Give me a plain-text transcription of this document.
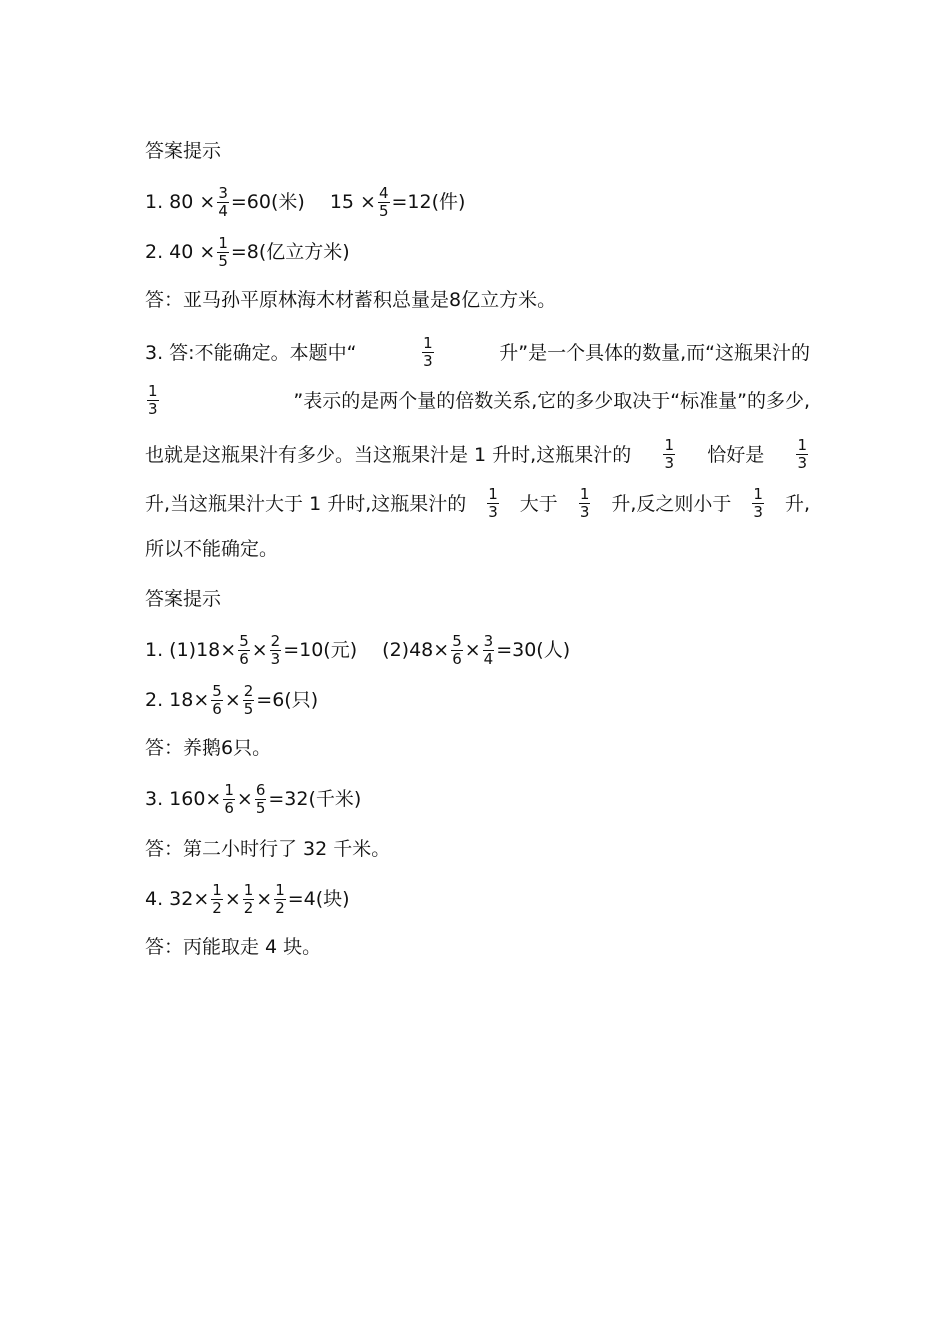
答案提示
1. $80 \times \frac{3}{4} =60$(米)　 $15 \times \frac{4}{5} =12$(件)
2. $40 \times \frac{1}{5} =8$(亿立方米)
答：亚马孙平原林海木材蓄积总量是8亿立方米。
3. 答:不能确定。本题中“	$\frac{1}{3}$	升”是一个具体的数量,而“这瓶果汁的
$\frac{1}{3}$	”表示的是两个量的倍数关系,它的多少取决于“标准量”的多少,
也就是这瓶果汁有多少。当这瓶果汁是 1 升时,这瓶果汁的 $\frac{1}{3}$ 恰好是 $\frac{1}{3}$
升,当这瓶果汁大于 1 升时,这瓶果汁的 $\frac{1}{3}$ 大于 $\frac{1}{3}$ 升,反之则小于 $\frac{1}{3}$ 升,
所以不能确定。
答案提示
1. $(1)18\times \frac{5}{6} \times \frac{2}{3} =10$(元)　 $(2)48\times \frac{5}{6} \times \frac{3}{4} =30$(人)
2. $18\times \frac{5}{6} \times \frac{2}{5} =6$(只)
答：养鹅6只。
3. $160\times \frac{1}{6} \times \frac{6}{5} =32$(千米)
答：第二小时行了 32 千米。
4. $32\times \frac{1}{2} \times \frac{1}{2} \times \frac{1}{2} =4$(块)
答：丙能取走 4 块。
